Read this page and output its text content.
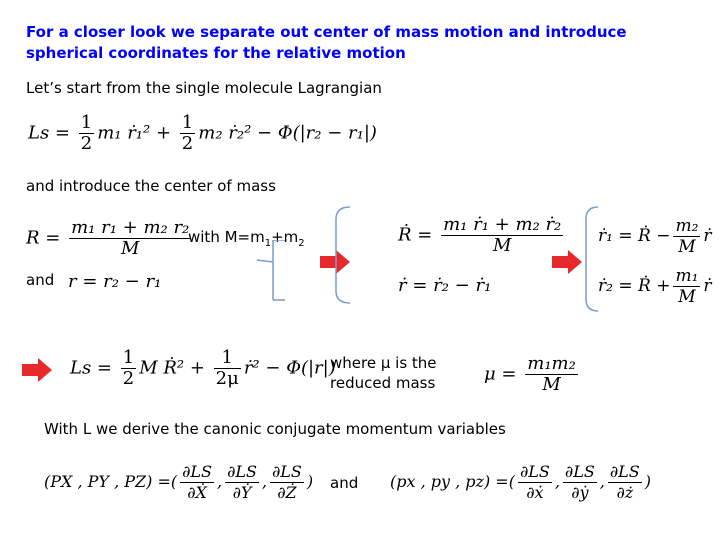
For a closer look we separate out center of mass motion and introduce spherical coordinates for the relative motion
Let’s start from the single molecule Lagrangian
$Ls = \frac{1}{2} m_1$ ṙ₁² + $\frac{1}{2} m_2$ ṙ₂² − Φ(|r₂ − r₁|)
and introduce the center of mass
$R = \frac{\text{m₁ r₁ + m₂ r₂}}{M}$
with $M=m_1+m_2$
and r = r₂ − r₁
Ṙ = $\frac{\text{m₁ ṙ₁ + m₂ ṙ₂}}{M}$
ṙ = ṙ₂ − ṙ₁
ṙ₁ = Ṙ − $\frac{\text{m₂}}{M}$ ṙ
ṙ₂ = Ṙ + $\frac{\text{m₁}}{M}$ ṙ
$Ls = \frac{1}{2}$ M Ṙ² + $\frac{1}{2\mu}$ ṙ² − Φ(|r|)
where μ is the
reduced mass	$\mu = \frac{\text{m₁m₂}}{M}$
With L we derive the canonic conjugate momentum variables
(PX , PY , PZ) =( $\frac{\partial LS}{\text{∂Ẋ}}$ , $\frac{\partial LS}{\text{∂Ẏ}}$ , $\frac{\partial LS}{\partial Ż}$ ) and (px , py , pz) =( $\frac{\partial LS}{\text{∂ẋ}}$ , $\frac{\partial LS}{\text{∂ẏ}}$ , $\frac{\partial LS}{\partial ż}$ )
